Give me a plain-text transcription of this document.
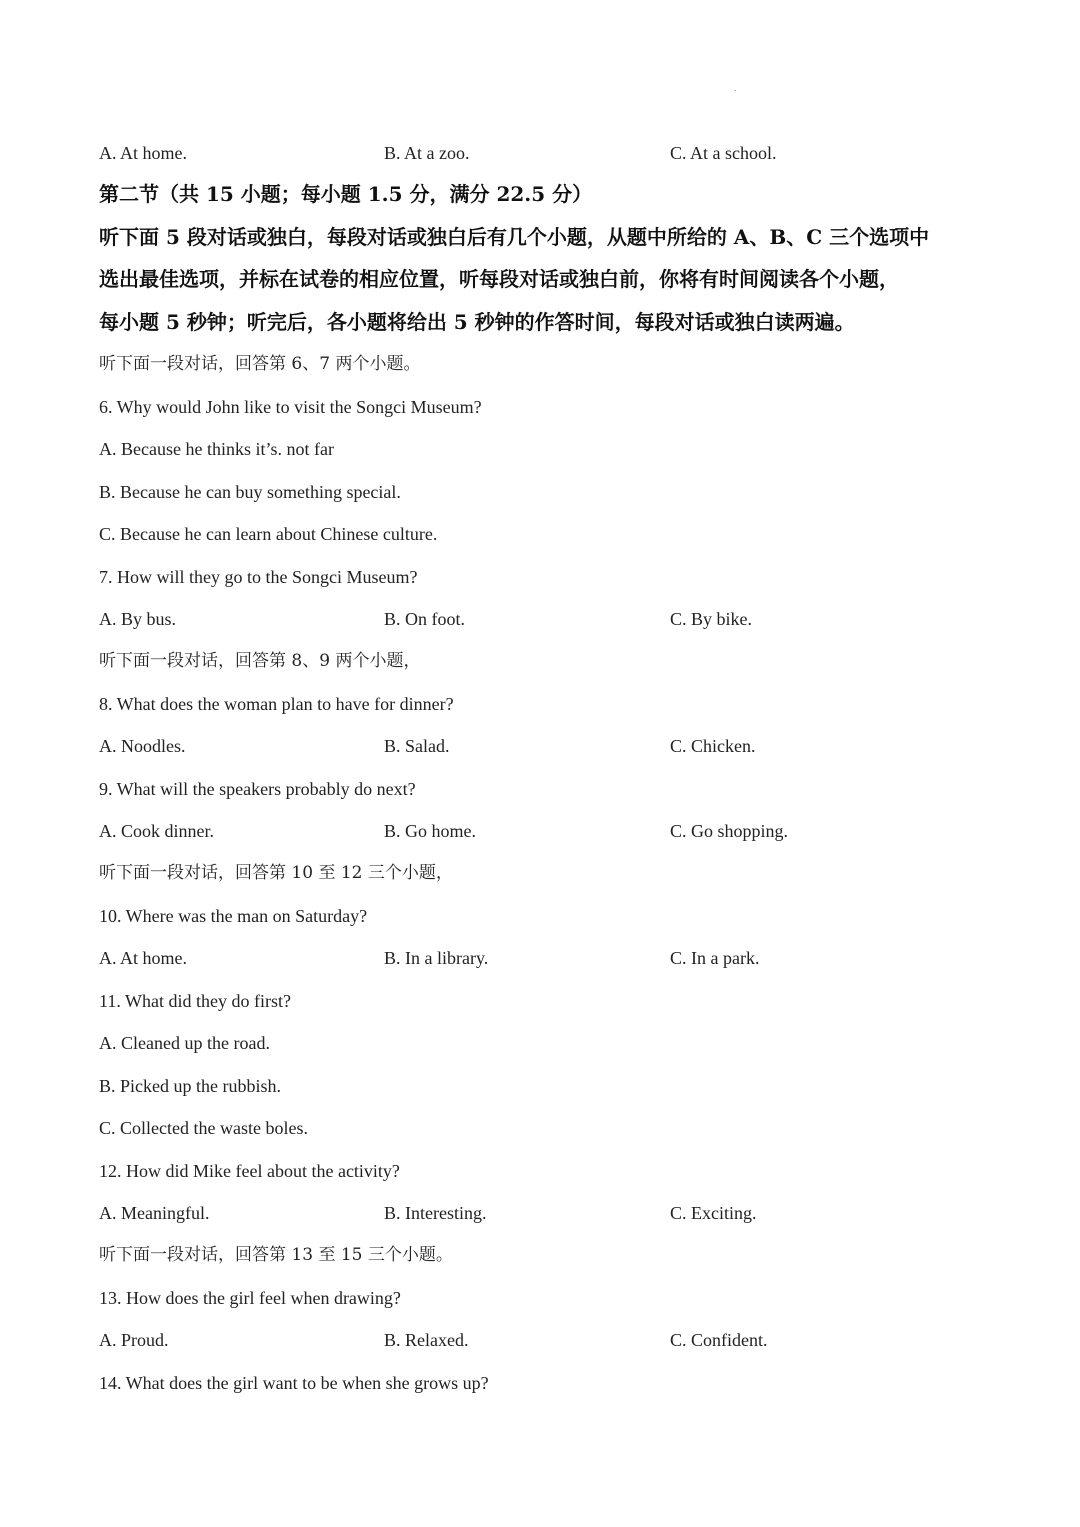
A. At home.	B. At a zoo.	C. At a school.
第二节（共 15 小题；每小题 1.5 分，满分 22.5 分）
听下面 5 段对话或独白，每段对话或独白后有几个小题，从题中所给的 A、B、C 三个选项中
选出最佳选项，并标在试卷的相应位置，听每段对话或独白前，你将有时间阅读各个小题，
每小题 5 秒钟；听完后，各小题将给出 5 秒钟的作答时间，每段对话或独白读两遍。
听下面一段对话，回答第 6、7 两个小题。
6. Why would John like to visit the Songci Museum?
A. Because he thinks it’s. not far
B. Because he can buy something special.
C. Because he can learn about Chinese culture.
7. How will they go to the Songci Museum?
A. By bus.	B. On foot.	C. By bike.
听下面一段对话，回答第 8、9 两个小题，
8. What does the woman plan to have for dinner?
A. Noodles.	B. Salad.	C. Chicken.
9. What will the speakers probably do next?
A. Cook dinner.	B. Go home.	C. Go shopping.
听下面一段对话，回答第 10 至 12 三个小题，
10. Where was the man on Saturday?
A. At home.	B. In a library.	C. In a park.
11. What did they do first?
A. Cleaned up the road.
B. Picked up the rubbish.
C. Collected the waste boles.
12. How did Mike feel about the activity?
A. Meaningful.	B. Interesting.	C. Exciting.
听下面一段对话，回答第 13 至 15 三个小题。
13. How does the girl feel when drawing?
A. Proud.	B. Relaxed.	C. Confident.
14. What does the girl want to be when she grows up?
